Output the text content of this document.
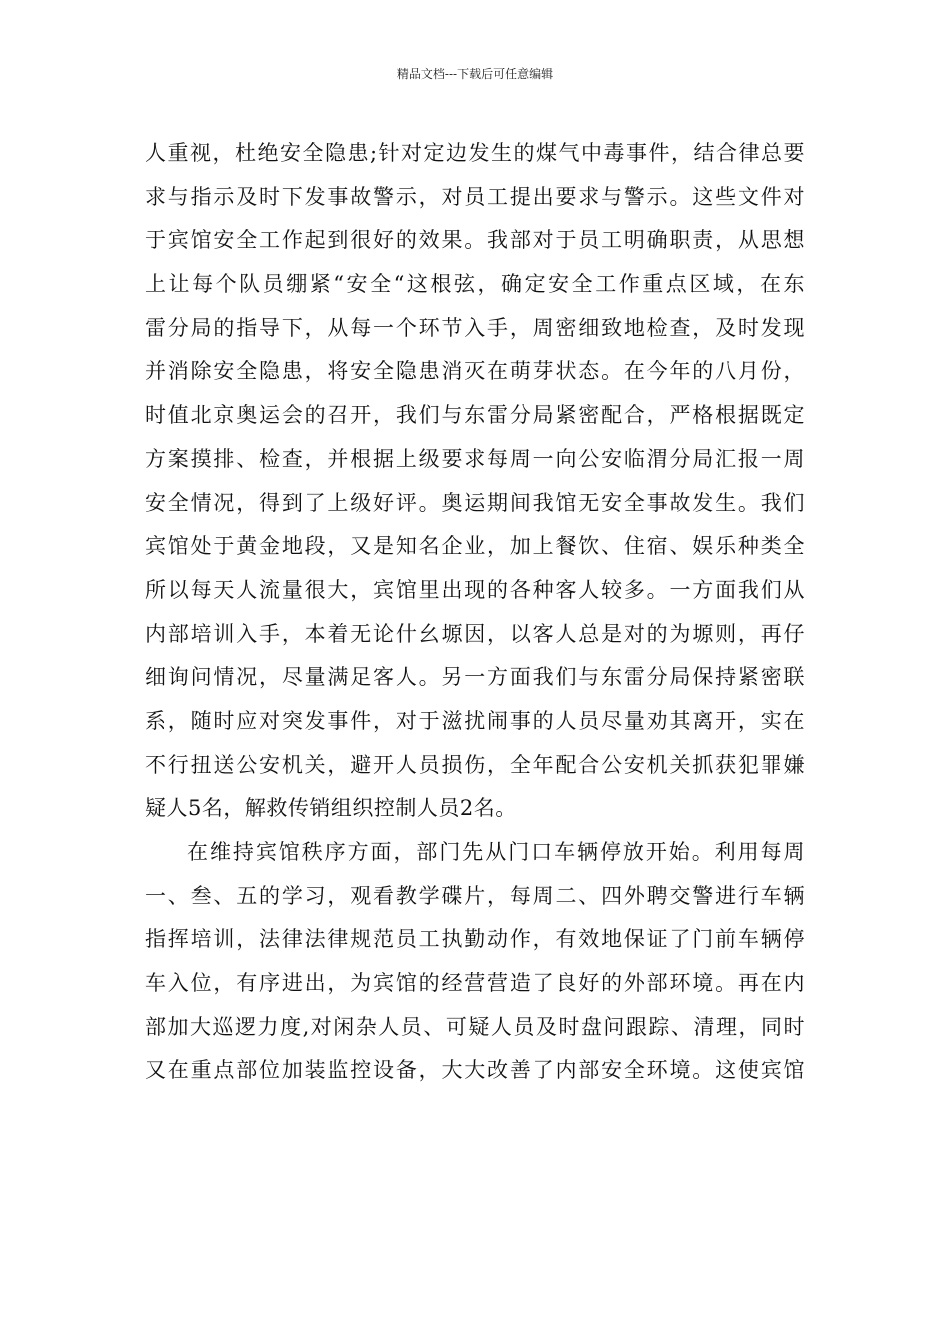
精品文档---下载后可任意编辑
人重视，杜绝安全隐患;针对定边发生的煤气中毒事件，结合律总要
求与指示及时下发事故警示，对员工提出要求与警示。这些文件对
于宾馆安全工作起到很好的效果。我部对于员工明确职责，从思想
上让每个队员绷紧“安全“这根弦，确定安全工作重点区域，在东
雷分局的指导下，从每一个环节入手，周密细致地检查，及时发现
并消除安全隐患，将安全隐患消灭在萌芽状态。在今年的八月份，
时值北京奥运会的召开，我们与东雷分局紧密配合，严格根据既定
方案摸排、检查，并根据上级要求每周一向公安临渭分局汇报一周
安全情况，得到了上级好评。奥运期间我馆无安全事故发生。我们
宾馆处于黄金地段，又是知名企业，加上餐饮、住宿、娱乐种类全
所以每天人流量很大，宾馆里出现的各种客人较多。一方面我们从
内部培训入手，本着无论什幺塬因，以客人总是对的为塬则，再仔
细询问情况，尽量满足客人。另一方面我们与东雷分局保持紧密联
系，随时应对突发事件，对于滋扰闹事的人员尽量劝其离开，实在
不行扭送公安机关，避开人员损伤，全年配合公安机关抓获犯罪嫌
疑人5名，解救传销组织控制人员2名。
在维持宾馆秩序方面，部门先从门口车辆停放开始。利用每周
一、叁、五的学习，观看教学碟片，每周二、四外聘交警进行车辆
指挥培训，法律法律规范员工执勤动作，有效地保证了门前车辆停
车入位，有序进出，为宾馆的经营营造了良好的外部环境。再在内
部加大巡逻力度,对闲杂人员、可疑人员及时盘问跟踪、清理，同时
又在重点部位加装监控设备，大大改善了内部安全环境。这使宾馆
